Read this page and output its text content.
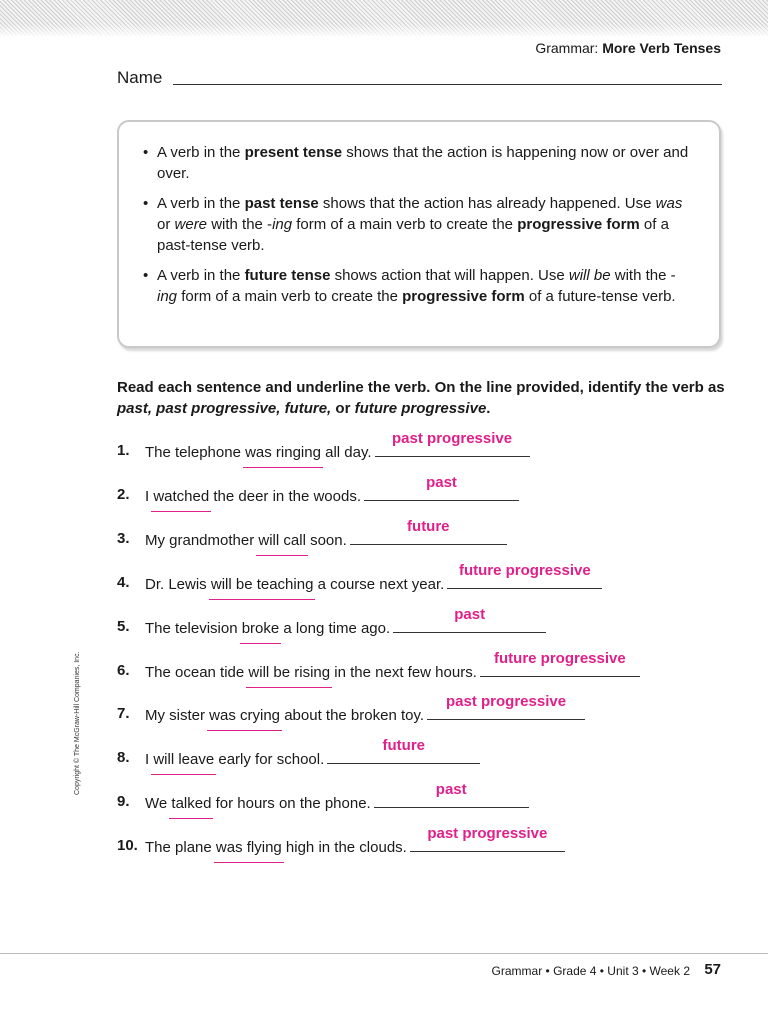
Grammar: More Verb Tenses
Name
• A verb in the present tense shows that the action is happening now or over and over.
• A verb in the past tense shows that the action has already happened. Use was or were with the -ing form of a main verb to create the progressive form of a past-tense verb.
• A verb in the future tense shows action that will happen. Use will be with the -ing form of a main verb to create the progressive form of a future-tense verb.
Read each sentence and underline the verb. On the line provided, identify the verb as past, past progressive, future, or future progressive.
1.	The telephone was ringing all day.
past progressive
2.	I watched the deer in the woods.
past
3.	My grandmother will call soon.
future
4.	Dr. Lewis will be teaching a course next year.
future progressive
5.	The television broke a long time ago.
past
6.	The ocean tide will be rising in the next few hours.
future progressive
7.	My sister was crying about the broken toy.
past progressive
8.	I will leave early for school.
future
9.	We talked for hours on the phone.
past
10. The plane was flying high in the clouds.
past progressive
Copyright © The McGraw-Hill Companies, Inc.
Grammar • Grade 4 • Unit 3 • Week 2 57
